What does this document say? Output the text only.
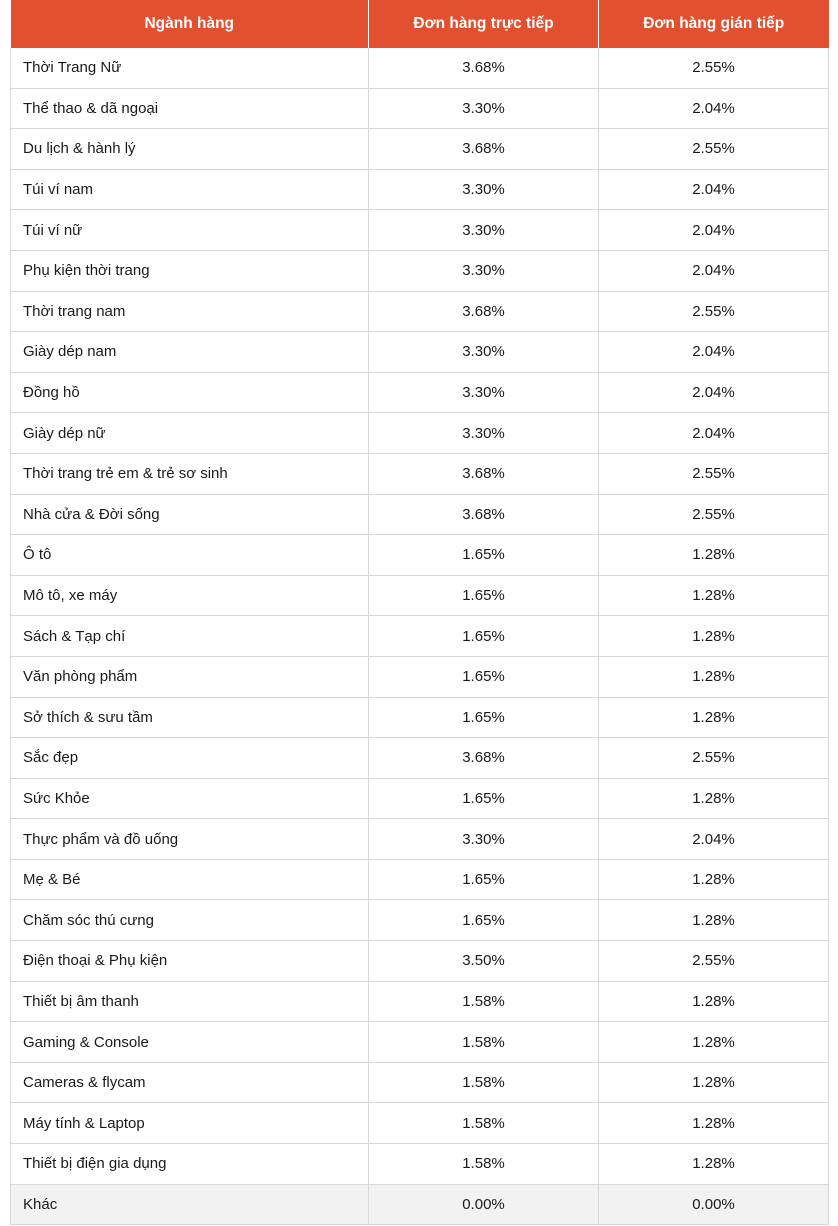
Ngành hàng	Đơn hàng trực tiếp	Đơn hàng gián tiếp
Thời Trang Nữ	3.68%	2.55%
Thể thao & dã ngoại	3.30%	2.04%
Du lịch & hành lý	3.68%	2.55%
Túi ví nam	3.30%	2.04%
Túi ví nữ	3.30%	2.04%
Phụ kiện thời trang	3.30%	2.04%
Thời trang nam	3.68%	2.55%
Giày dép nam	3.30%	2.04%
Đồng hồ	3.30%	2.04%
Giày dép nữ	3.30%	2.04%
Thời trang trẻ em & trẻ sơ sinh	3.68%	2.55%
Nhà cửa & Đời sống	3.68%	2.55%
Ô tô	1.65%	1.28%
Mô tô, xe máy	1.65%	1.28%
Sách & Tạp chí	1.65%	1.28%
Văn phòng phẩm	1.65%	1.28%
Sở thích & sưu tầm	1.65%	1.28%
Sắc đẹp	3.68%	2.55%
Sức Khỏe	1.65%	1.28%
Thực phẩm và đồ uống	3.30%	2.04%
Mẹ & Bé	1.65%	1.28%
Chăm sóc thú cưng	1.65%	1.28%
Điện thoại & Phụ kiện	3.50%	2.55%
Thiết bị âm thanh	1.58%	1.28%
Gaming & Console	1.58%	1.28%
Cameras & flycam	1.58%	1.28%
Máy tính & Laptop	1.58%	1.28%
Thiết bị điện gia dụng	1.58%	1.28%
Khác	0.00%	0.00%
